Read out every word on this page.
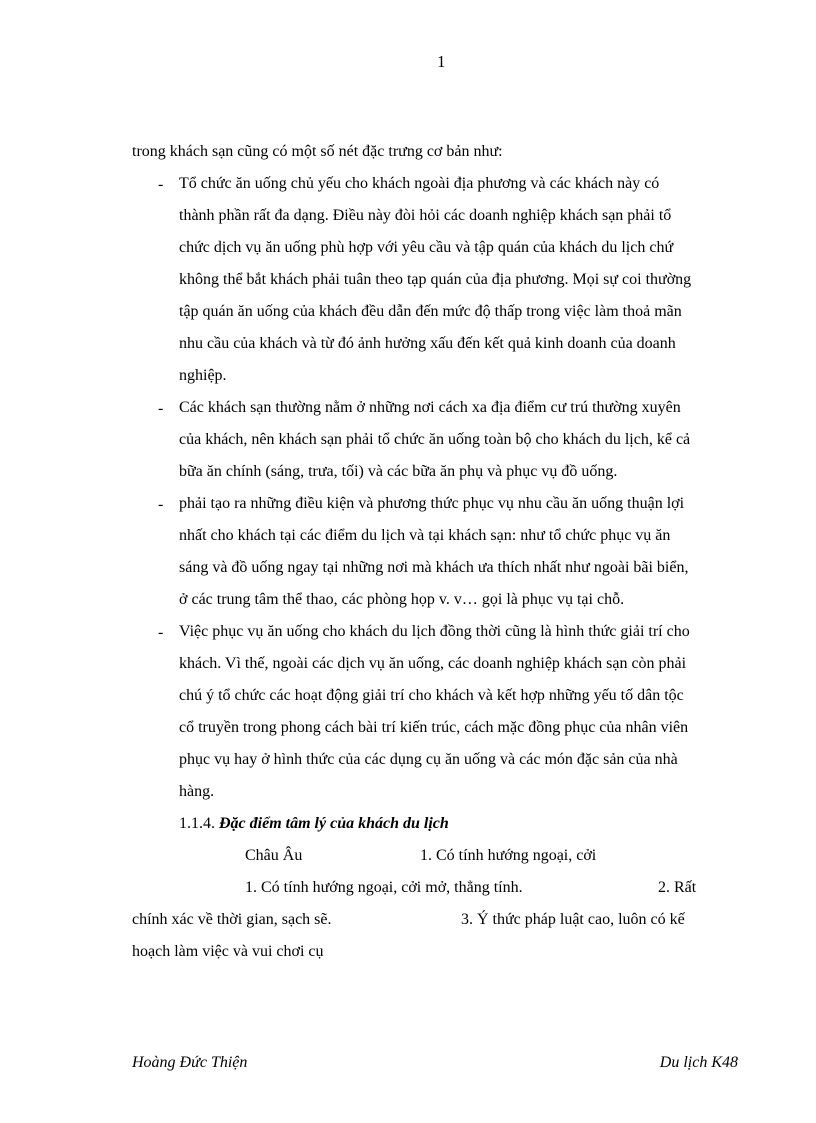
1
trong khách sạn cũng có một số nét đặc trưng cơ bản như:
- Tổ chức ăn uống chủ yếu cho khách ngoài địa phương và các khách này có
thành phần rất đa dạng. Điều này đòi hỏi các doanh nghiệp khách sạn phải tổ
chức dịch vụ ăn uống phù hợp với yêu cầu và tập quán của khách du lịch chứ
không thể bắt khách phải tuân theo tạp quán của địa phương. Mọi sự coi thường
tập quán ăn uống của khách đều dẫn đến mức độ thấp trong việc làm thoả mãn
nhu cầu của khách và từ đó ảnh hưởng xấu đến kết quả kinh doanh của doanh
nghiệp.
- Các khách sạn thường nằm ở những nơi cách xa địa điểm cư trú thường xuyên
của khách, nên khách sạn phải tổ chức ăn uống toàn bộ cho khách du lịch, kể cả
bữa ăn chính (sáng, trưa, tối) và các bữa ăn phụ và phục vụ đồ uống.
- phải tạo ra những điều kiện và phương thức phục vụ nhu cầu ăn uống thuận lợi
nhất cho khách tại các điểm du lịch và tại khách sạn: như tổ chức phục vụ ăn
sáng và đồ uống ngay tại những nơi mà khách ưa thích nhất như ngoài bãi biển,
ở các trung tâm thể thao, các phòng họp v. v… gọi là phục vụ tại chỗ.
- Việc phục vụ ăn uống cho khách du lịch đồng thời cũng là hình thức giải trí cho
khách. Vì thế, ngoài các dịch vụ ăn uống, các doanh nghiệp khách sạn còn phải
chú ý tổ chức các hoạt động giải trí cho khách và kết hợp những yếu tố dân tộc
cổ truyền trong phong cách bài trí kiến trúc, cách mặc đồng phục của nhân viên
phục vụ hay ở hình thức của các dụng cụ ăn uống và các món đặc sản của nhà
hàng.
1.1.4. Đặc điểm tâm lý của khách du lịch
Châu Âu	1. Có tính hướng ngoại, cởi
1. Có tính hướng ngoại, cởi mở, thẳng tính.	2. Rất
chính xác về thời gian, sạch sẽ.	3. Ý thức pháp luật cao, luôn có kế
hoạch làm việc và vui chơi cụ
Hoàng Đức Thiện	Du lịch K48
